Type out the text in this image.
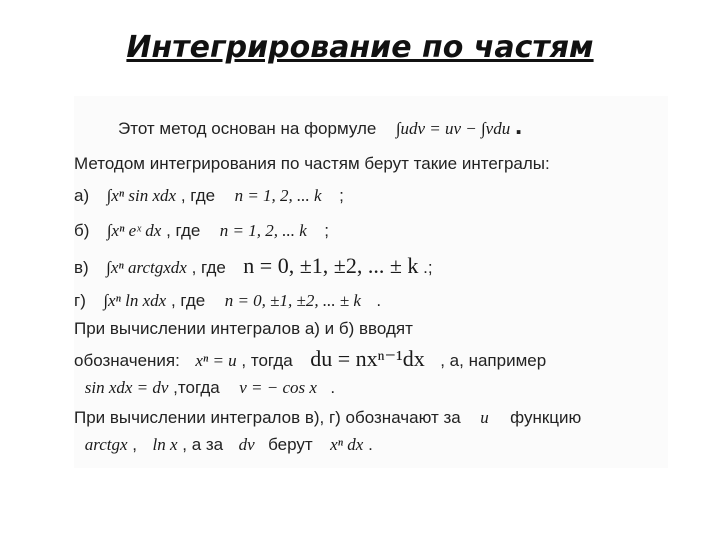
Интегрирование по частям
Этот метод основан на формуле ∫udv = uv − ∫vdu .
Методом интегрирования по частям берут такие интегралы:
а) ∫xⁿ sin xdx , где n = 1, 2, ... k ;
б) ∫xⁿ eˣ dx , где n = 1, 2, ... k ;
в) ∫xⁿ arctgxdx , где n = 0, ±1, ±2, ... ± k .;
г) ∫xⁿ ln xdx , где n = 0, ±1, ±2, ... ± k .
При вычислении интегралов а) и б) вводят
обозначения: xⁿ = u , тогда du = nxⁿ⁻¹dx , а, например
sin xdx = dv ,тогда v = − cos x .
При вычислении интегралов в), г) обозначают за u функцию
arctgx , ln x , а за dv берут xⁿ dx .
